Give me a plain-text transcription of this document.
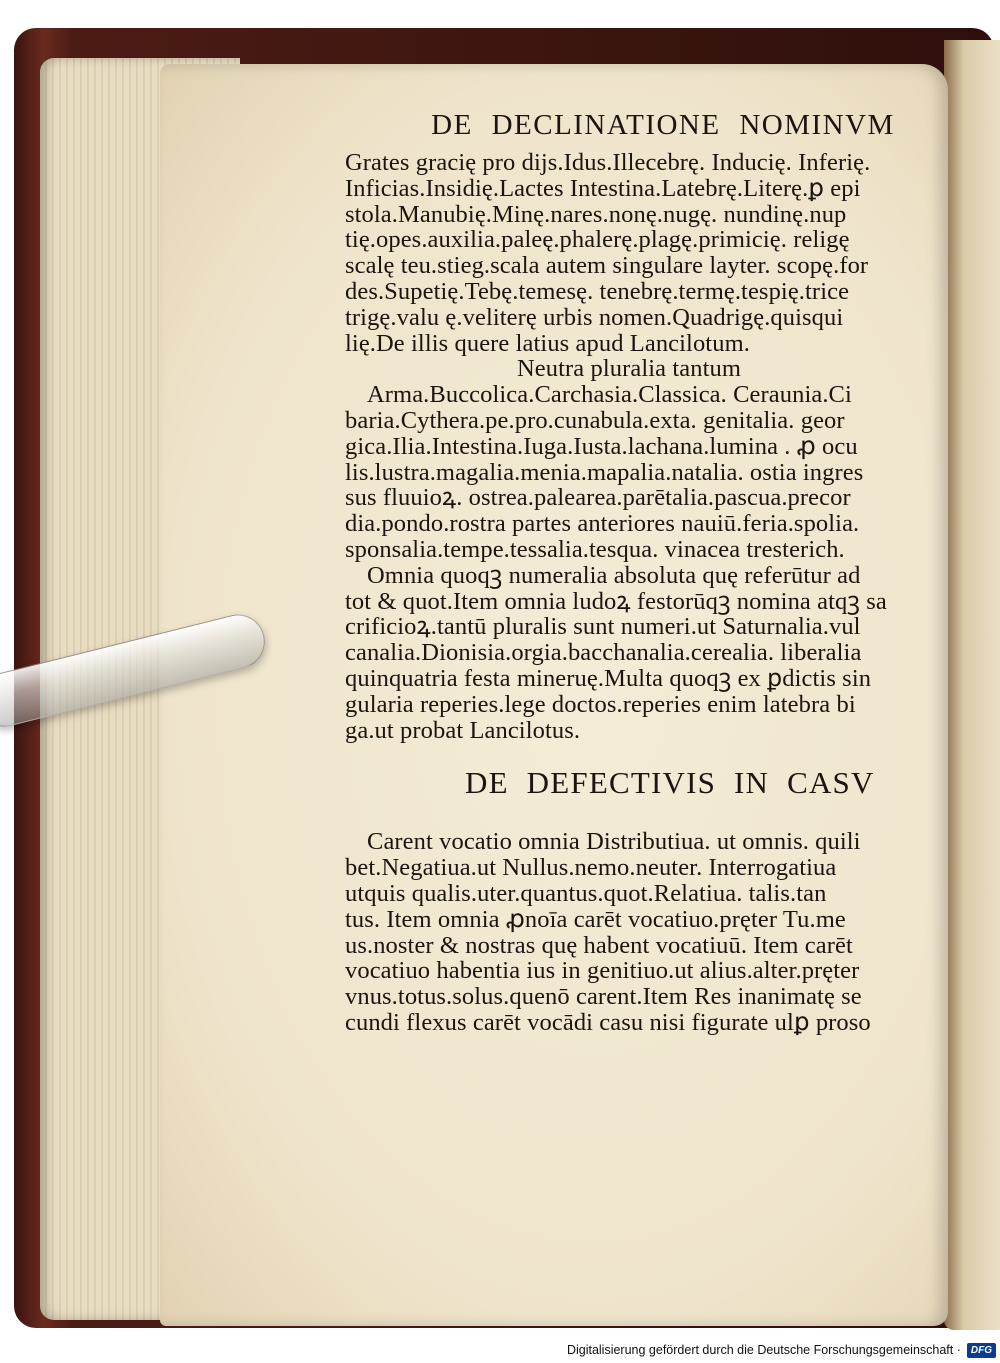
DE DECLINATIONE NOMINVM
Grates gracię pro dijs.Idus.Illecebrę. Inducię. Inferię.
Inficias.Insidię.Lactes Intestina.Latebrę.Literę.ꝑ epi
stola.Manubię.Minę.nares.nonę.nugę. nundinę.nup
tię.opes.auxilia.paleę.phalerę.plagę.primicię. religę
scalę teu.stieg.scala autem singulare layter. scopę.for
des.Supetię.Tebę.temesę. tenebrę.termę.tespię.trice
trigę.valu ę.veliterę urbis nomen.Quadrigę.quisqui
lię.De illis quere latius apud Lancilotum.
Neutra pluralia tantum
Arma.Buccolica.Carchasia.Classica. Ceraunia.Ci
baria.Cythera.pe.pro.cunabula.exta. genitalia. geor
gica.Ilia.Intestina.Iuga.Iusta.lachana.lumina . ꝓ ocu
lis.lustra.magalia.menia.mapalia.natalia. ostia ingres
sus fluuioꝝ. ostrea.palearea.parētalia.pascua.precor
dia.pondo.rostra partes anteriores nauiū.feria.spolia.
sponsalia.tempe.tessalia.tesqua. vinacea tresterich.
Omnia quoqꝫ numeralia absoluta quę referūtur ad
tot & quot.Item omnia ludoꝝ festorūqꝫ nomina atqꝫ sa
crificioꝝ.tantū pluralis sunt numeri.ut Saturnalia.vul
canalia.Dionisia.orgia.bacchanalia.cerealia. liberalia
quinquatria festa mineruę.Multa quoqꝫ ex ꝑdictis sin
gularia reperies.lege doctos.reperies enim latebra bi
ga.ut probat Lancilotus.
DE DEFECTIVIS IN CASV
Carent vocatio omnia Distributiua. ut omnis. quili
bet.Negatiua.ut Nullus.nemo.neuter. Interrogatiua
utquis qualis.uter.quantus.quot.Relatiua. talis.tan
tus. Item omnia ꝓnoīa carēt vocatiuo.pręter Tu.me
us.noster & nostras quę habent vocatiuū. Item carēt
vocatiuo habentia ius in genitiuo.ut alius.alter.pręter
vnus.totus.solus.quenō carent.Item Res inanimatę se
cundi flexus carēt vocādi casu nisi figurate ulꝑ proso
Digitalisierung gefördert durch die Deutsche Forschungsgemeinschaft ·	DFG
